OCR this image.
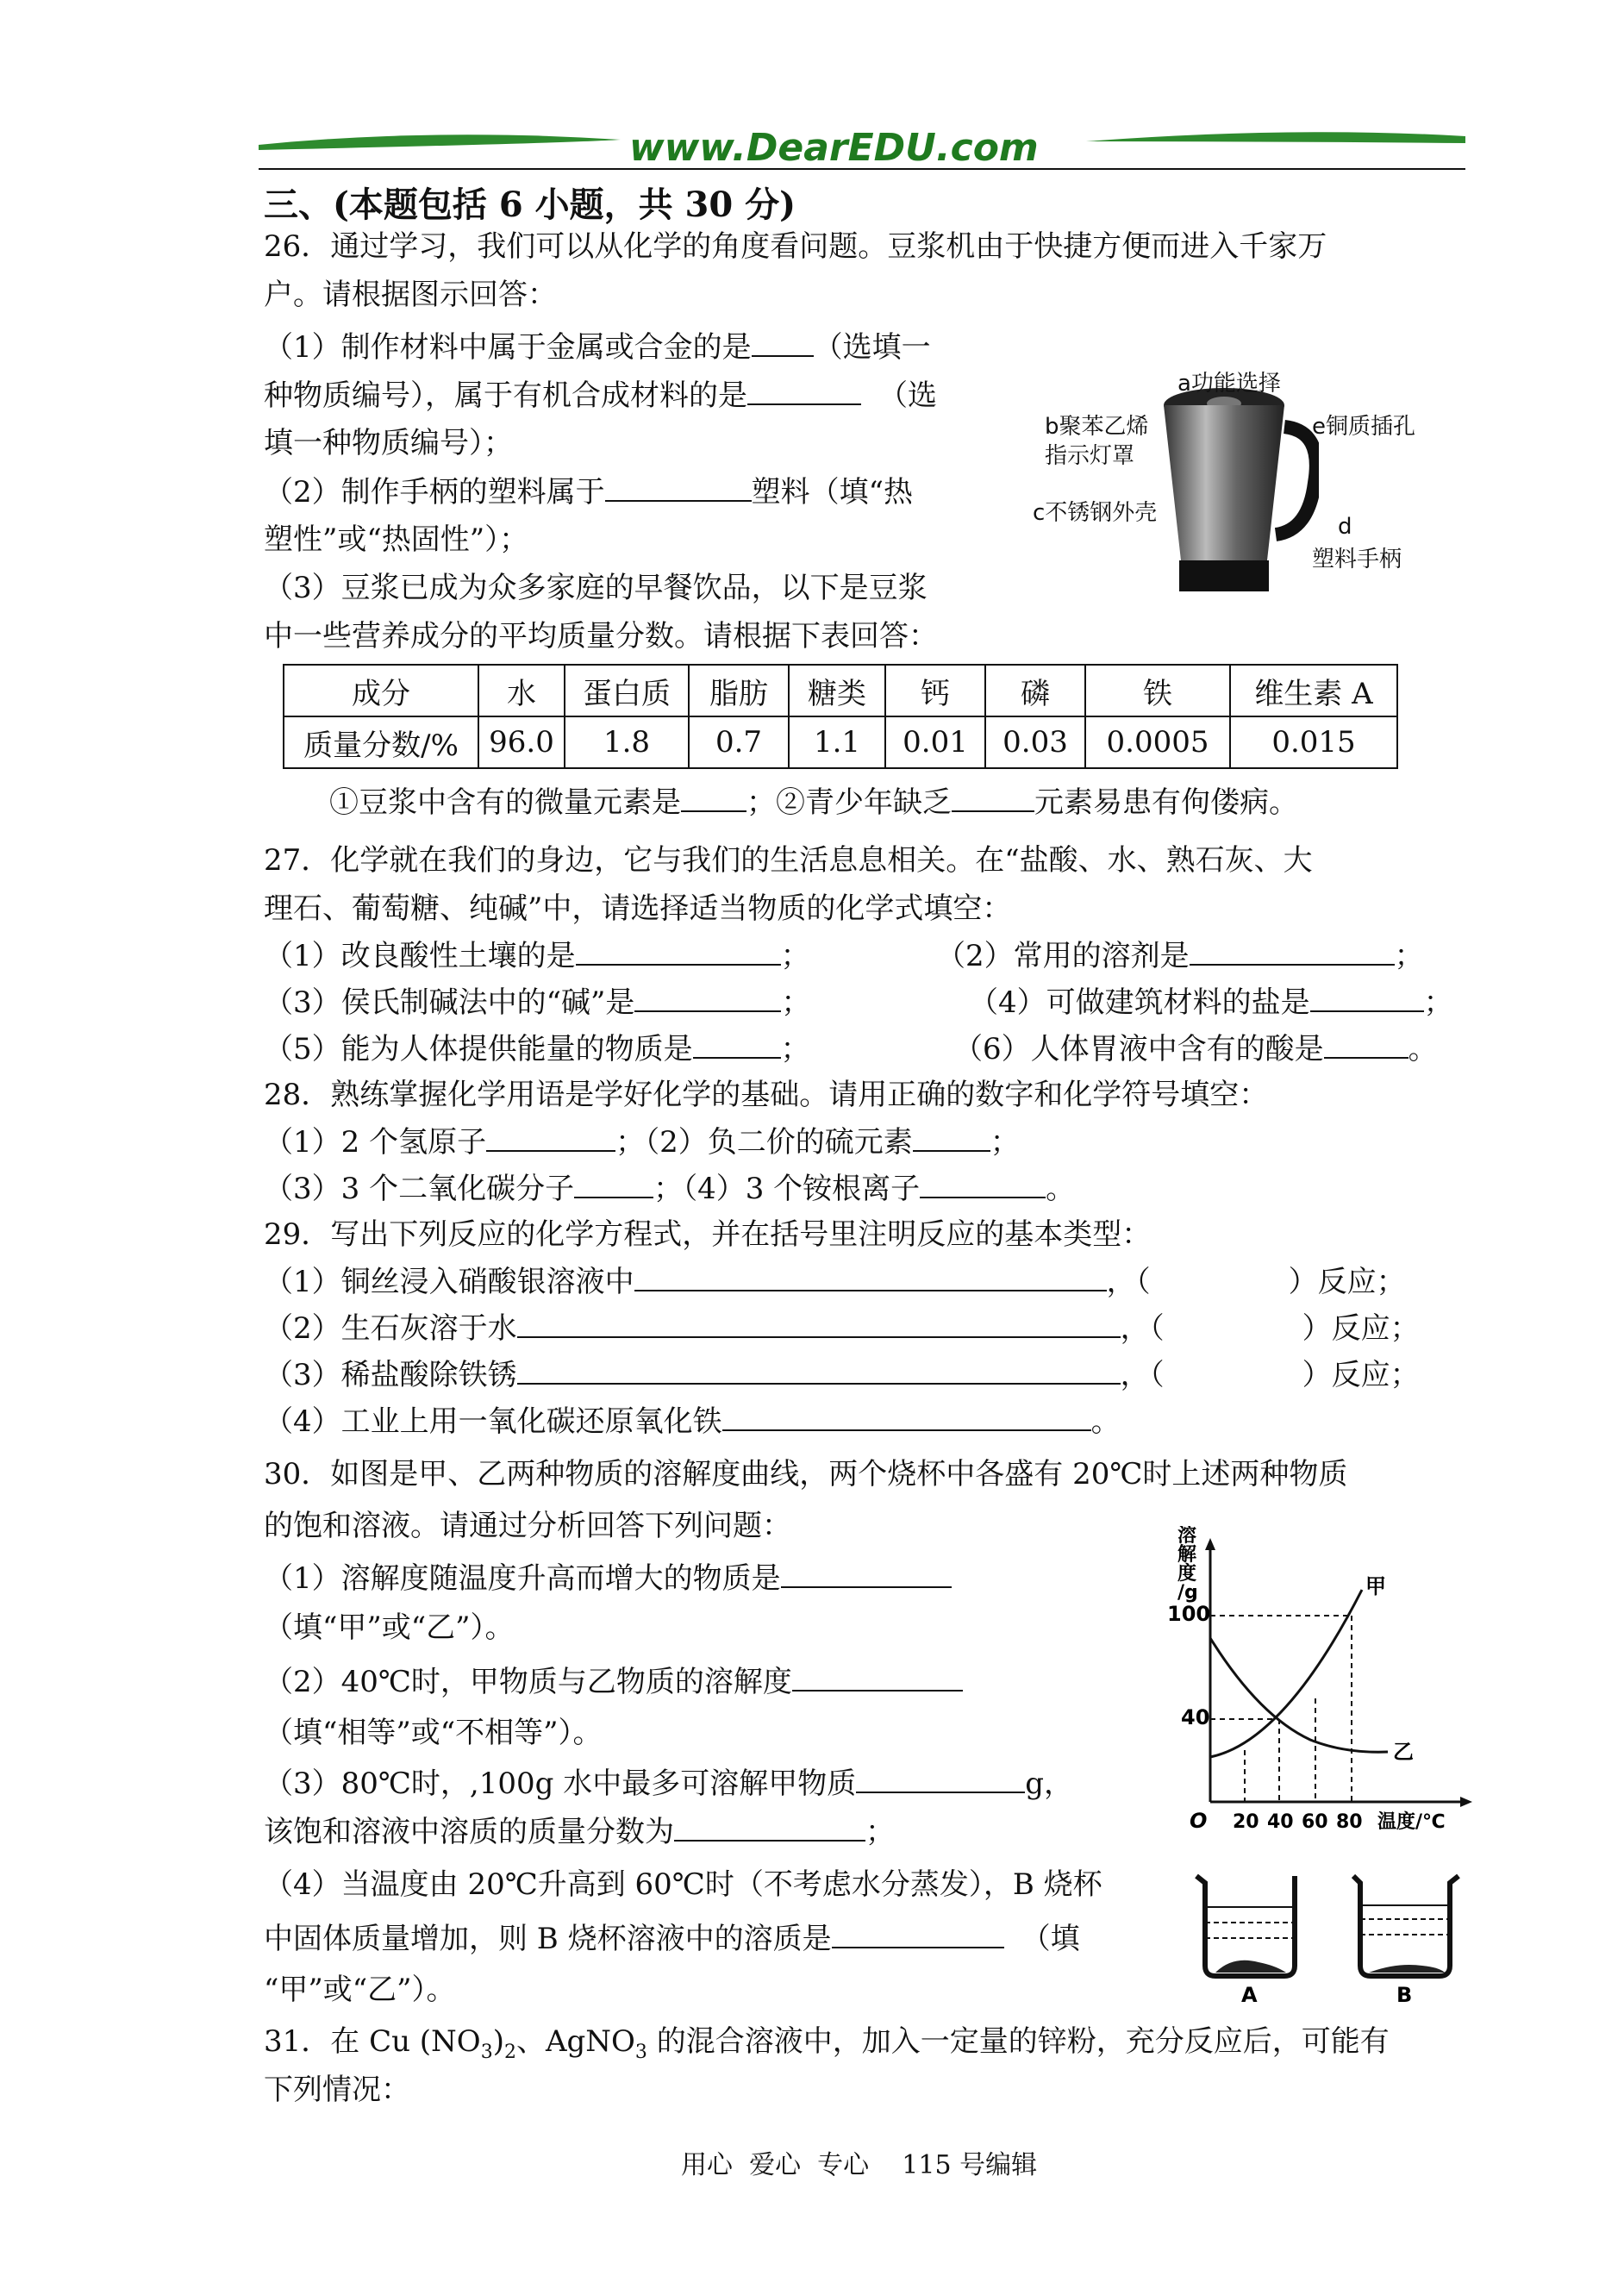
www.DearEDU.com
三、(本题包括 6 小题，共 30 分)
26．通过学习，我们可以从化学的角度看问题。豆浆机由于快捷方便而进入千家万
户。请根据图示回答：
（1）制作材料中属于金属或合金的是 （选填一
种物质编号），属于有机合成材料的是	（选
填一种物质编号）；
（2）制作手柄的塑料属于	塑料（填“热
塑性”或“热固性”）；
（3）豆浆已成为众多家庭的早餐饮品，以下是豆浆
中一些营养成分的平均质量分数。请根据下表回答：
a功能选择
b聚苯乙烯
指示灯罩
e铜质插孔
c不锈钢外壳
d
塑料手柄
成分	水	蛋白质	脂肪	糖类	钙	磷	铁	维生素 A
质量分数/%	96.0	1.8	0.7	1.1	0.01	0.03	0.0005	0.015
①豆浆中含有的微量元素是 ；②青少年缺乏	元素易患有佝偻病。
27．化学就在我们的身边，它与我们的生活息息相关。在“盐酸、水、熟石灰、大
理石、葡萄糖、纯碱”中，请选择适当物质的化学式填空：
（1）改良酸性土壤的是	；	（2）常用的溶剂是	；
（3）侯氏制碱法中的“碱”是	；	（4）可做建筑材料的盐是	；
（5）能为人体提供能量的物质是	；	（6）人体胃液中含有的酸是	。
28．熟练掌握化学用语是学好化学的基础。请用正确的数字和化学符号填空：
（1）2 个氢原子	；（2）负二价的硫元素	；
（3）3 个二氧化碳分子	；（4）3 个铵根离子	。
29．写出下列反应的化学方程式，并在括号里注明反应的基本类型：
（1）铜丝浸入硝酸银溶液中	，（	）反应；
（2）生石灰溶于水	，（	）反应；
（3）稀盐酸除铁锈	，（	）反应；
（4）工业上用一氧化碳还原氧化铁	。
30．如图是甲、乙两种物质的溶解度曲线，两个烧杯中各盛有 20℃时上述两种物质
的饱和溶液。请通过分析回答下列问题：
（1）溶解度随温度升高而增大的物质是
（填“甲”或“乙”）。
（2）40℃时，甲物质与乙物质的溶解度
（填“相等”或“不相等”）。
（3）80℃时，,100g 水中最多可溶解甲物质	g，
该饱和溶液中溶质的质量分数为	；
（4）当温度由 20℃升高到 60℃时（不考虑水分蒸发），B 烧杯
中固体质量增加，则 B 烧杯溶液中的溶质是	（填
“甲”或“乙”）。
溶
解
度
/g
100
40
O 20 40 60 80 温度/℃
甲
乙
A	B
31．在 Cu $(NO_3)_2$、AgNO$_3$ 的混合溶液中，加入一定量的锌粉，充分反应后，可能有
下列情况：
用心  爱心  专心    115 号编辑
